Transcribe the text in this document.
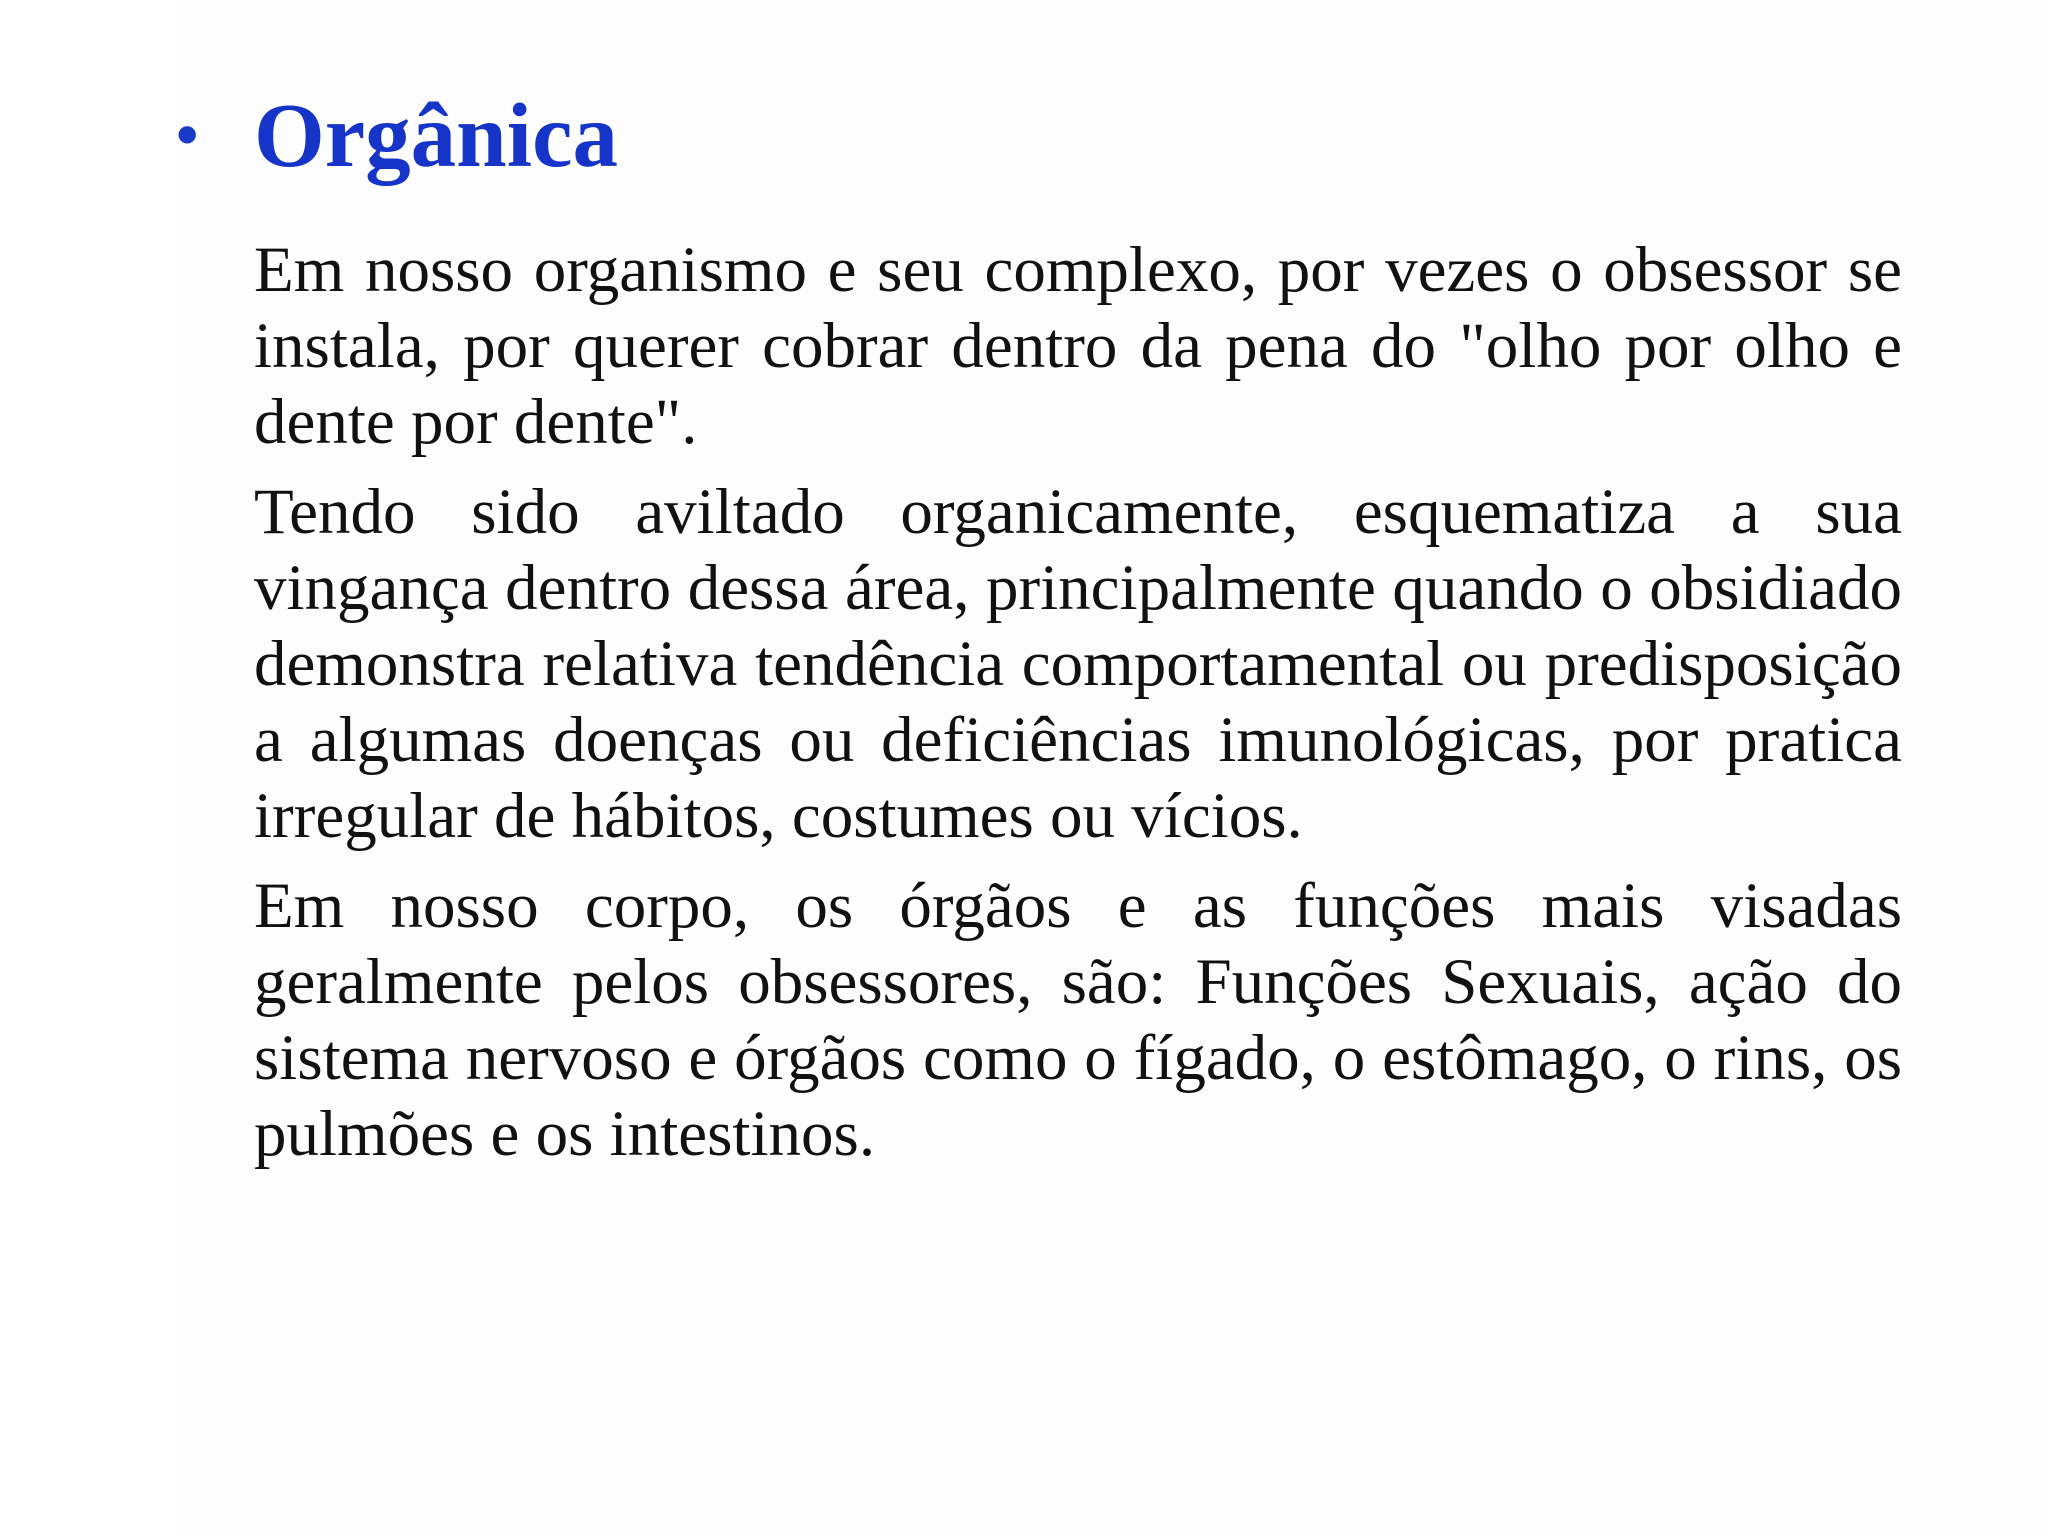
• Orgânica

Em nosso organismo e seu complexo, por vezes o obsessor se instala, por querer cobrar dentro da pena do "olho por olho e dente por dente".

Tendo sido aviltado organicamente, esquematiza a sua vingança dentro dessa área, principalmente quando o obsidiado demonstra relativa tendência comportamental ou predisposição a algumas doenças ou deficiências imunológicas, por pratica irregular de hábitos, costumes ou vícios.

Em nosso corpo, os órgãos e as funções mais visadas geralmente pelos obsessores, são: Funções Sexuais, ação do sistema nervoso e órgãos como o fígado, o estômago, o rins, os pulmões e os intestinos.
